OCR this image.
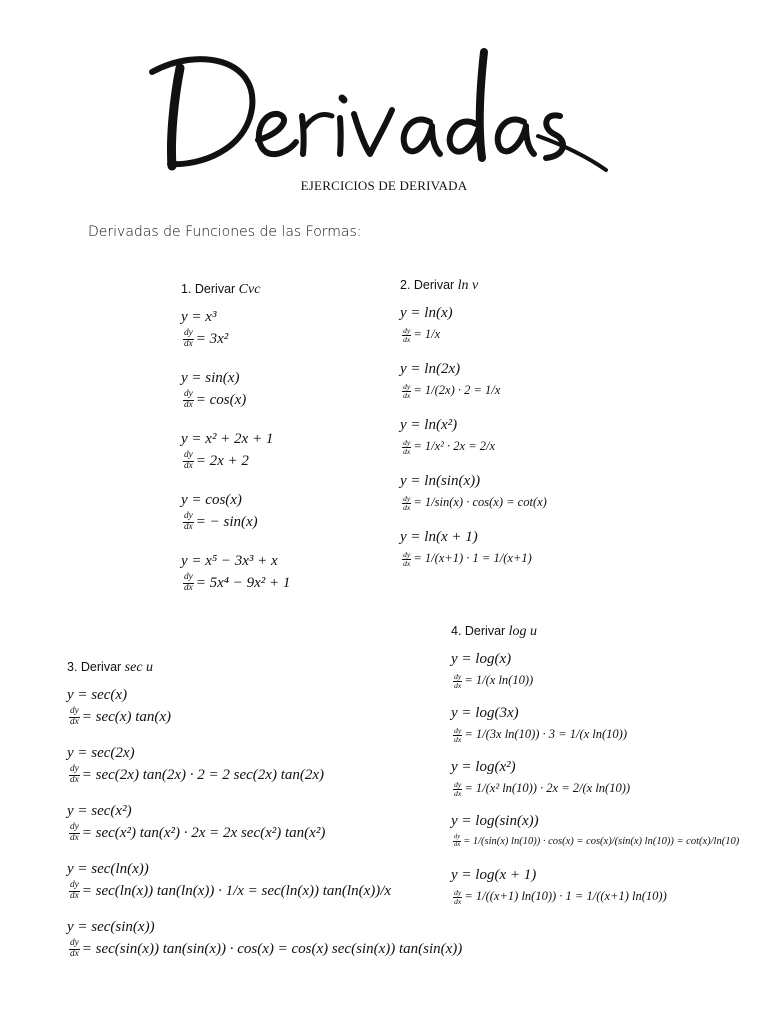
EJERCICIOS DE DERIVADA
Derivadas de Funciones de las Formas:
1. Derivar Cvc
y = x³
$\frac{dy}{dx} = 3x^2$
y = sin(x)
$\frac{dy}{dx} = \cos(x)$
y = x² + 2x + 1
$\frac{dy}{dx} = 2x + 2$
y = cos(x)
$\frac{dy}{dx}$ = − sin(x)
y = x⁵ − 3x³ + x
$\frac{dy}{dx} = 5x^4 - 9x^2 + 1$
2. Derivar ln v
y = ln(x)
$\frac{dy}{dx} = 1/x$
y = ln(2x)
$\frac{dy}{dx} = 1/(2x) \cdot 2 = 1/x$
y = ln(x²)
$\frac{dy}{dx} = 1/x^2 \cdot 2x = 2/x$
y = ln(sin(x))
$\frac{dy}{dx} = 1/\sin(x) \cdot \cos(x) = \cot(x)$
y = ln(x + 1)
$\frac{dy}{dx} = 1/(x+1) \cdot 1 = 1/(x+1)$
3. Derivar sec u
y = sec(x)
$\frac{dy}{dx} = \sec(x)$ tan(x)
y = sec(2x)
$\frac{dy}{dx} = \sec(2x) \tan(2x) \cdot 2 = 2$ sec(2x) tan(2x)
y = sec(x²)
$\frac{dy}{dx} = \sec(x^2) \tan(x^2) \cdot 2x = 2x$ sec(x²) tan(x²)
y = sec(ln(x))
$\frac{dy}{dx} = \sec(\ln(x)) \tan(\ln(x)) \cdot 1/x = \sec(\ln(x))$ tan(ln(x))/x
y = sec(sin(x))
$\frac{dy}{dx} = \sec(\sin(x)) \tan(\sin(x)) \cdot \cos(x) = \cos(x)$ sec(sin(x)) tan(sin(x))
4. Derivar log u
y = log(x)
$\frac{dy}{dx} = 1/(x$ ln(10))
y = log(3x)
$\frac{dy}{dx} = 1/(3x$ ln(10)) · 3 = 1/(x ln(10))
y = log(x²)
$\frac{dy}{dx} = 1/(x^2$ ln(10)) · 2x = 2/(x ln(10))
y = log(sin(x))
$\frac{dy}{dx} = 1/(\sin(x) \ln(10)) \cdot \cos(x) = \cos(x)/(\sin(x) \ln(10)) = \cot(x)/\ln(10)$
y = log(x + 1)
$\frac{dy}{dx} = 1/((x+1) \ln(10)) \cdot 1 = 1/((x+1)$ ln(10))
